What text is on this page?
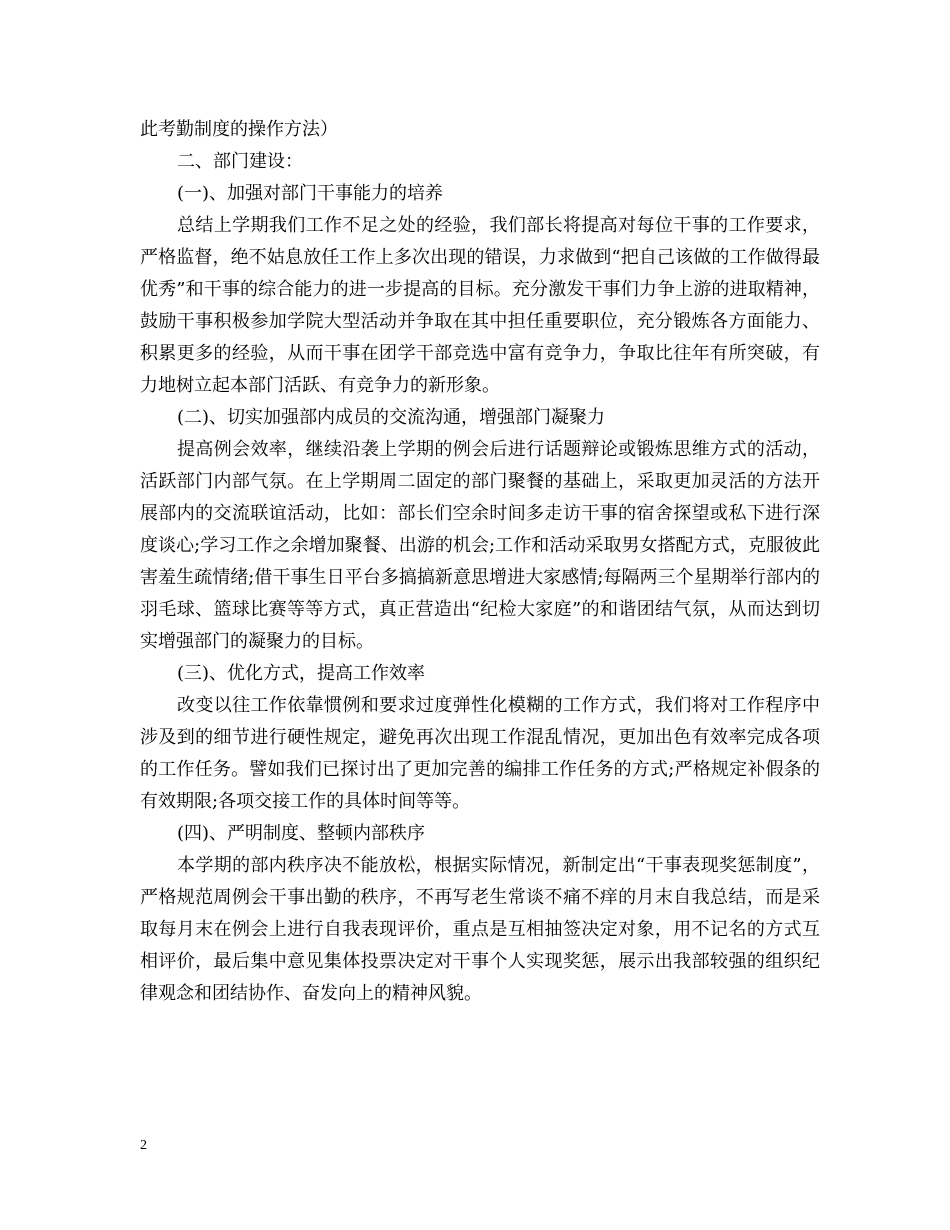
此考勤制度的操作方法）

二、部门建设：

(一)、加强对部门干事能力的培养

总结上学期我们工作不足之处的经验，我们部长将提高对每位干事的工作要求，严格监督，绝不姑息放任工作上多次出现的错误，力求做到“把自己该做的工作做得最优秀”和干事的综合能力的进一步提高的目标。充分激发干事们力争上游的进取精神，鼓励干事积极参加学院大型活动并争取在其中担任重要职位，充分锻炼各方面能力、积累更多的经验，从而干事在团学干部竞选中富有竞争力，争取比往年有所突破，有力地树立起本部门活跃、有竞争力的新形象。

(二)、切实加强部内成员的交流沟通，增强部门凝聚力

提高例会效率，继续沿袭上学期的例会后进行话题辩论或锻炼思维方式的活动，活跃部门内部气氛。在上学期周二固定的部门聚餐的基础上，采取更加灵活的方法开展部内的交流联谊活动，比如：部长们空余时间多走访干事的宿舍探望或私下进行深度谈心;学习工作之余增加聚餐、出游的机会;工作和活动采取男女搭配方式，克服彼此害羞生疏情绪;借干事生日平台多搞搞新意思增进大家感情;每隔两三个星期举行部内的羽毛球、篮球比赛等等方式，真正营造出“纪检大家庭”的和谐团结气氛，从而达到切实增强部门的凝聚力的目标。

(三)、优化方式，提高工作效率

改变以往工作依靠惯例和要求过度弹性化模糊的工作方式，我们将对工作程序中涉及到的细节进行硬性规定，避免再次出现工作混乱情况，更加出色有效率完成各项的工作任务。譬如我们已探讨出了更加完善的编排工作任务的方式;严格规定补假条的有效期限;各项交接工作的具体时间等等。

(四)、严明制度、整顿内部秩序

本学期的部内秩序决不能放松，根据实际情况，新制定出“干事表现奖惩制度”，严格规范周例会干事出勤的秩序，不再写老生常谈不痛不痒的月末自我总结，而是采取每月末在例会上进行自我表现评价，重点是互相抽签决定对象，用不记名的方式互相评价，最后集中意见集体投票决定对干事个人实现奖惩，展示出我部较强的组织纪律观念和团结协作、奋发向上的精神风貌。

2
